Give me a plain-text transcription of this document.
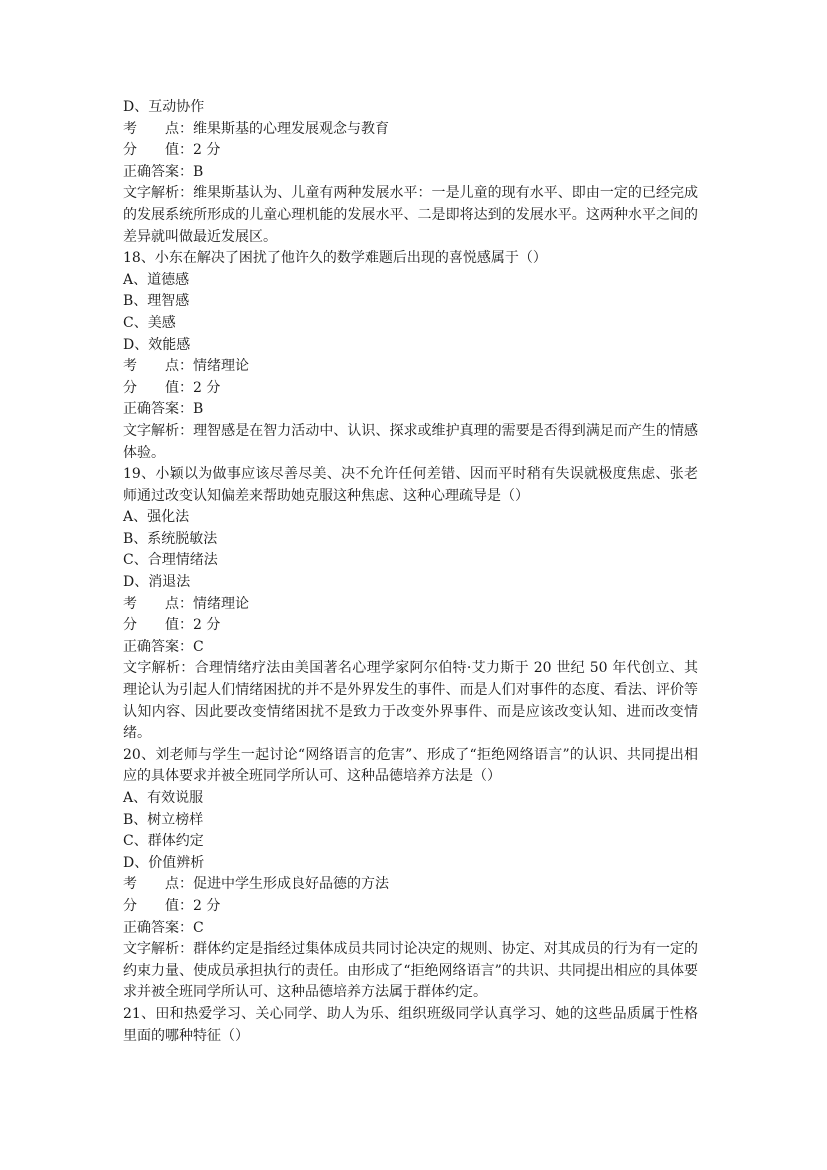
D、互动协作
考　　点：维果斯基的心理发展观念与教育
分　　值：2 分
正确答案：B
文字解析：维果斯基认为、儿童有两种发展水平：一是儿童的现有水平、即由一定的已经完成的发展系统所形成的儿童心理机能的发展水平、二是即将达到的发展水平。这两种水平之间的差异就叫做最近发展区。
18、小东在解决了困扰了他许久的数学难题后出现的喜悦感属于（）
A、道德感
B、理智感
C、美感
D、效能感
考　　点：情绪理论
分　　值：2 分
正确答案：B
文字解析：理智感是在智力活动中、认识、探求或维护真理的需要是否得到满足而产生的情感体验。
19、小颖以为做事应该尽善尽美、决不允许任何差错、因而平时稍有失误就极度焦虑、张老师通过改变认知偏差来帮助她克服这种焦虑、这种心理疏导是（）
A、强化法
B、系统脱敏法
C、合理情绪法
D、消退法
考　　点：情绪理论
分　　值：2 分
正确答案：C
文字解析：合理情绪疗法由美国著名心理学家阿尔伯特·艾力斯于 20 世纪 50 年代创立、其理论认为引起人们情绪困扰的并不是外界发生的事件、而是人们对事件的态度、看法、评价等认知内容、因此要改变情绪困扰不是致力于改变外界事件、而是应该改变认知、进而改变情绪。
20、刘老师与学生一起讨论“网络语言的危害”、形成了“拒绝网络语言”的认识、共同提出相应的具体要求并被全班同学所认可、这种品德培养方法是（）
A、有效说服
B、树立榜样
C、群体约定
D、价值辨析
考　　点：促进中学生形成良好品德的方法
分　　值：2 分
正确答案：C
文字解析：群体约定是指经过集体成员共同讨论决定的规则、协定、对其成员的行为有一定的约束力量、使成员承担执行的责任。由形成了“拒绝网络语言”的共识、共同提出相应的具体要求并被全班同学所认可、这种品德培养方法属于群体约定。
21、田和热爱学习、关心同学、助人为乐、组织班级同学认真学习、她的这些品质属于性格里面的哪种特征（）
